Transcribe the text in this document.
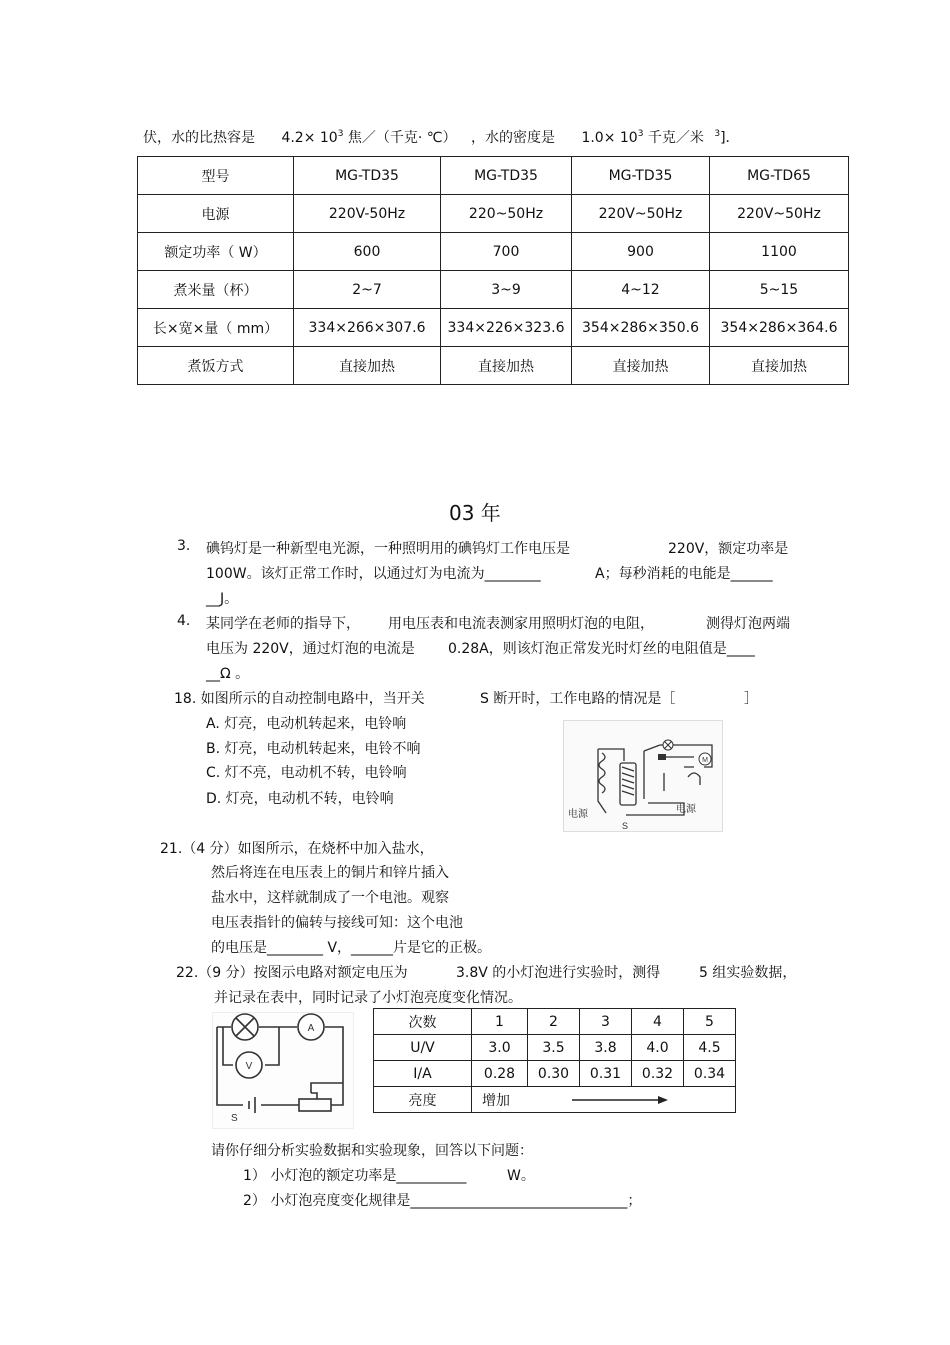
伏，水的比热容是 $4.2\times 10^3$ 焦／（千克· ℃） ，水的密度是 $1.0\times 10^3$ 千克／米 $^3$]．
型号	MG-TD35	MG-TD35	MG-TD35	MG-TD65
电源	220V-50Hz	220~50Hz	220V~50Hz	220V~50Hz
额定功率（ W）	600	700	900	1100
煮米量（杯）	2~7	3~9	4~12	5~15
长×宽×量（ mm）	334×266×307.6	334×226×323.6	354×286×350.6	354×286×364.6
煮饭方式	直接加热	直接加热	直接加热	直接加热
03 年
3. 碘钨灯是一种新型电光源，一种照明用的碘钨灯工作电压是	220V，额定功率是
100W。该灯正常工作时，以通过灯为电流为________	A；每秒消耗的电能是______
__J。
4. 某同学在老师的指导下， 用电压表和电流表测家用照明灯泡的电阻，	测得灯泡两端
电压为 220V，通过灯泡的电流是 0.28A，则该灯泡正常发光时灯丝的电阻值是____
__Ω 。
18. 如图所示的自动控制电路中，当开关	S 断开时，工作电路的情况是［	］
A. 灯亮，电动机转起来，电铃响
B. 灯亮，电动机转起来，电铃不响
C. 灯不亮，电动机不转，电铃响
D. 灯亮，电动机不转，电铃响
M
电源	电源
S
21.（4 分）如图所示，在烧杯中加入盐水，
然后将连在电压表上的铜片和锌片插入
盐水中，这样就制成了一个电池。观察
电压表指针的偏转与接线可知：这个电池
的电压是________ V，______片是它的正极。
22.（9 分）按图示电路对额定电压为	3.8V 的小灯泡进行实验时，测得	5 组实验数据，
并记录在表中，同时记录了小灯泡亮度变化情况。
A
V
S
次数	1	2	3	4	5
U/V	3.0	3.5	3.8	4.0	4.5
I/A	0.28	0.30	0.31	0.32	0.34
亮度	增加				
请你仔细分析实验数据和实验现象，回答以下问题：
1） 小灯泡的额定功率是__________	W。
2） 小灯泡亮度变化规律是_______________________________；
